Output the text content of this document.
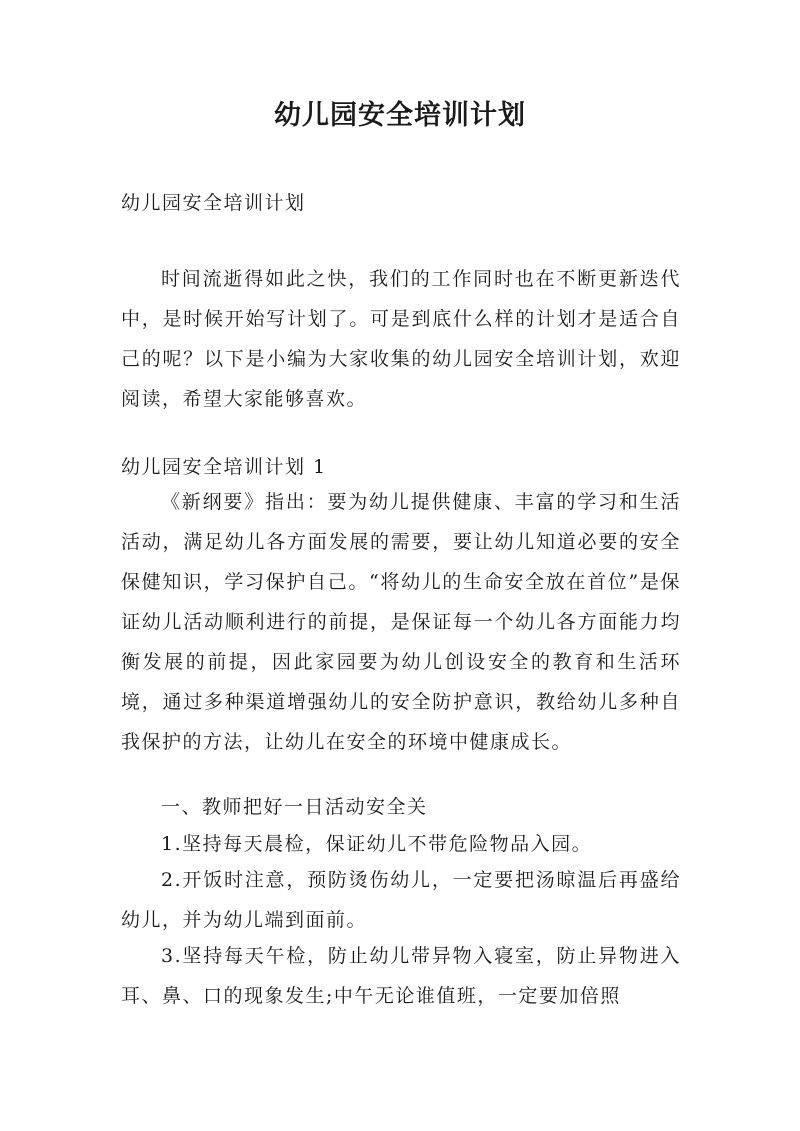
幼儿园安全培训计划

幼儿园安全培训计划

时间流逝得如此之快，我们的工作同时也在不断更新迭代中，是时候开始写计划了。可是到底什么样的计划才是适合自己的呢？以下是小编为大家收集的幼儿园安全培训计划，欢迎阅读，希望大家能够喜欢。

幼儿园安全培训计划 1

《新纲要》指出：要为幼儿提供健康、丰富的学习和生活活动，满足幼儿各方面发展的需要，要让幼儿知道必要的安全保健知识，学习保护自己。“将幼儿的生命安全放在首位”是保证幼儿活动顺利进行的前提，是保证每一个幼儿各方面能力均衡发展的前提，因此家园要为幼儿创设安全的教育和生活环境，通过多种渠道增强幼儿的安全防护意识，教给幼儿多种自我保护的方法，让幼儿在安全的环境中健康成长。

一、教师把好一日活动安全关

1.坚持每天晨检，保证幼儿不带危险物品入园。

2.开饭时注意，预防烫伤幼儿，一定要把汤晾温后再盛给幼儿，并为幼儿端到面前。

3.坚持每天午检，防止幼儿带异物入寝室，防止异物进入耳、鼻、口的现象发生;中午无论谁值班，一定要加倍照
